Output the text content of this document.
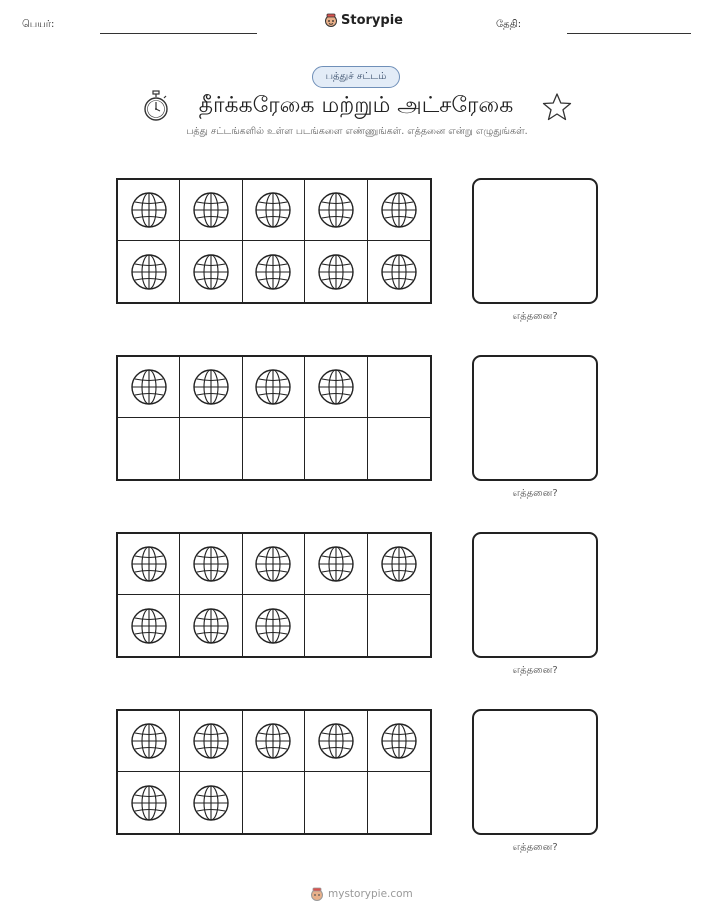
பெயர்:	Storypie	தேதி:
பத்துச் சட்டம்
தீர்க்கரேகை மற்றும் அட்சரேகை
பத்து சட்டங்களில் உள்ள படங்களை எண்ணுங்கள். எத்தனை என்று எழுதுங்கள்.
எத்தனை?
எத்தனை?
எத்தனை?
எத்தனை?
mystorypie.com
